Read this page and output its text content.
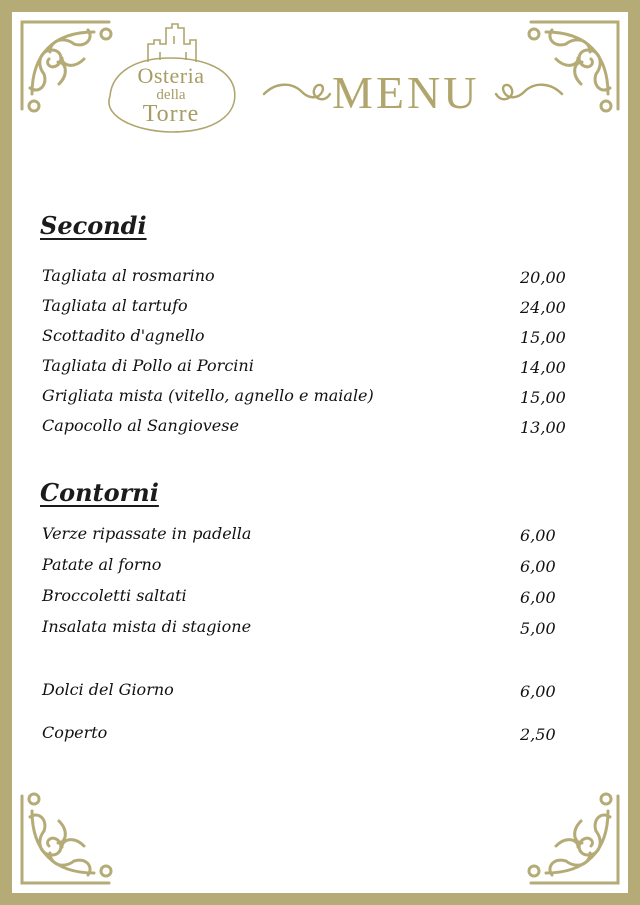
Osteria
della
Torre	MENU
Secondi
Tagliata al rosmarino	20,00
Tagliata al tartufo	24,00
Scottadito d'agnello	15,00
Tagliata di Pollo ai Porcini	14,00
Grigliata mista (vitello, agnello e maiale)	15,00
Capocollo al Sangiovese	13,00
Contorni
Verze ripassate in padella	6,00
Patate al forno	6,00
Broccoletti saltati	6,00
Insalata mista di stagione	5,00
Dolci del Giorno	6,00
Coperto	2,50
